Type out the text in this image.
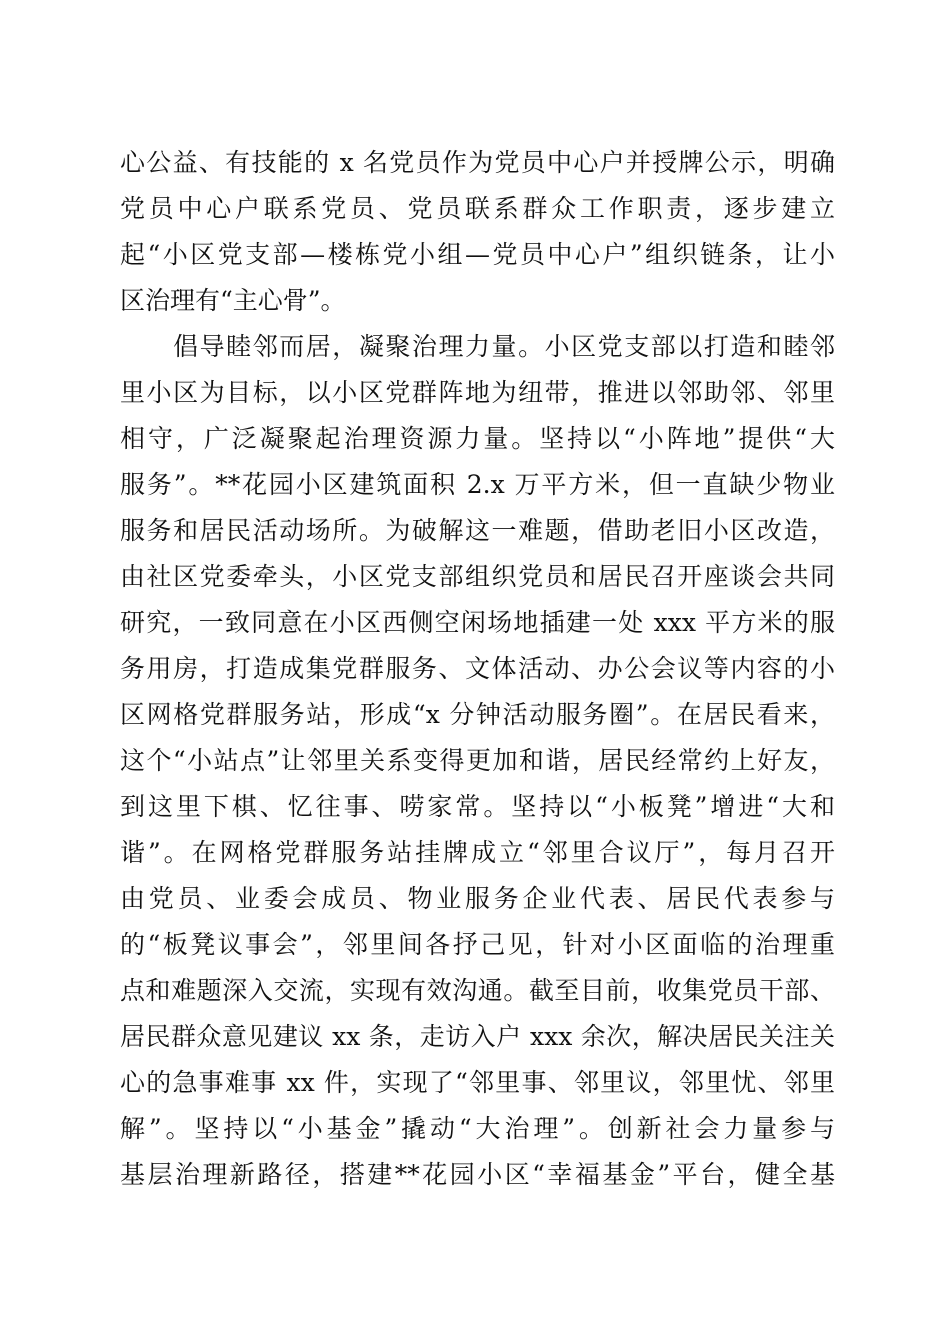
心公益、有技能的 x 名党员作为党员中心户并授牌公示，明确
党员中心户联系党员、党员联系群众工作职责，逐步建立
起“小区党支部—楼栋党小组—党员中心户”组织链条，让小
区治理有“主心骨”。
　　倡导睦邻而居，凝聚治理力量。小区党支部以打造和睦邻
里小区为目标，以小区党群阵地为纽带，推进以邻助邻、邻里
相守，广泛凝聚起治理资源力量。坚持以“小阵地”提供“大
服务”。**花园小区建筑面积 2.x 万平方米，但一直缺少物业
服务和居民活动场所。为破解这一难题，借助老旧小区改造，
由社区党委牵头，小区党支部组织党员和居民召开座谈会共同
研究，一致同意在小区西侧空闲场地插建一处 xxx 平方米的服
务用房，打造成集党群服务、文体活动、办公会议等内容的小
区网格党群服务站，形成“x 分钟活动服务圈”。在居民看来，
这个“小站点”让邻里关系变得更加和谐，居民经常约上好友，
到这里下棋、忆往事、唠家常。坚持以“小板凳”增进“大和
谐”。在网格党群服务站挂牌成立“邻里合议厅”，每月召开
由党员、业委会成员、物业服务企业代表、居民代表参与
的“板凳议事会”，邻里间各抒己见，针对小区面临的治理重
点和难题深入交流，实现有效沟通。截至目前，收集党员干部、
居民群众意见建议 xx 条，走访入户 xxx 余次，解决居民关注关
心的急事难事 xx 件，实现了“邻里事、邻里议，邻里忧、邻里
解”。坚持以“小基金”撬动“大治理”。创新社会力量参与
基层治理新路径，搭建**花园小区“幸福基金”平台，健全基
